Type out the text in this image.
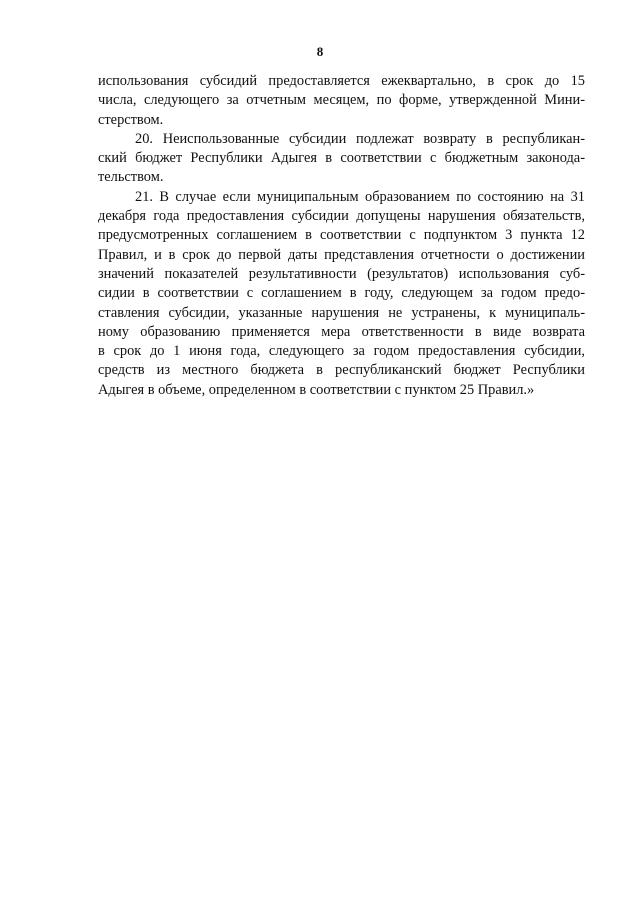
8
использования субсидий предоставляется ежеквартально, в срок до 15
числа, следующего за отчетным месяцем, по форме, утвержденной Мини-
стерством.
20. Неиспользованные субсидии подлежат возврату в республикан-
ский бюджет Республики Адыгея в соответствии с бюджетным законода-
тельством.
21. В случае если муниципальным образованием по состоянию на 31
декабря года предоставления субсидии допущены нарушения обязательств,
предусмотренных соглашением в соответствии с подпунктом 3 пункта 12
Правил, и в срок до первой даты представления отчетности о достижении
значений показателей результативности (результатов) использования суб-
сидии в соответствии с соглашением в году, следующем за годом предо-
ставления субсидии, указанные нарушения не устранены, к муниципаль-
ному образованию применяется мера ответственности в виде возврата
в срок до 1 июня года, следующего за годом предоставления субсидии,
средств из местного бюджета в республиканский бюджет Республики
Адыгея в объеме, определенном в соответствии с пунктом 25 Правил.»
